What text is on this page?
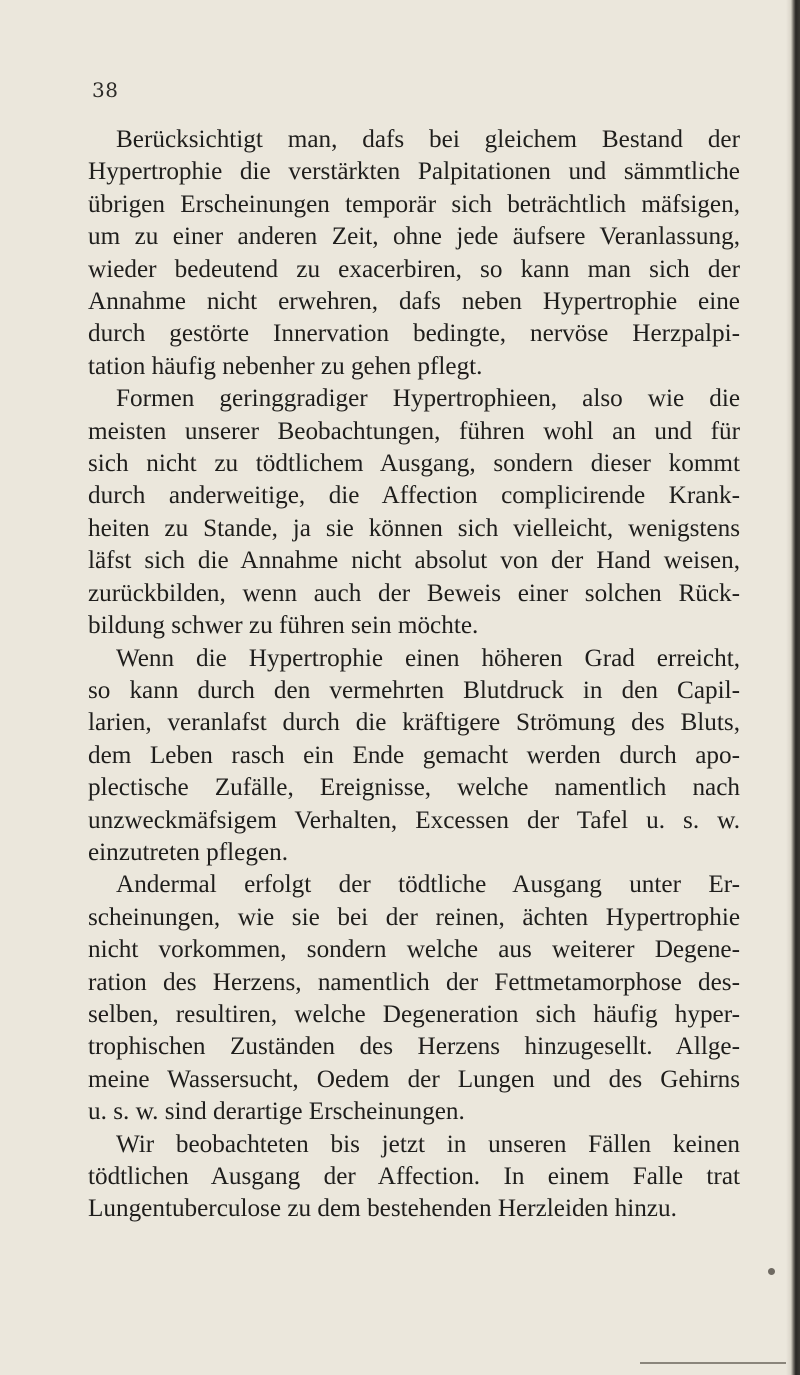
38

Berücksichtigt man, dafs bei gleichem Bestand der
Hypertrophie die verstärkten Palpitationen und sämmtliche
übrigen Erscheinungen temporär sich beträchtlich mäfsigen,
um zu einer anderen Zeit, ohne jede äufsere Veranlassung,
wieder bedeutend zu exacerbiren, so kann man sich der
Annahme nicht erwehren, dafs neben Hypertrophie eine
durch gestörte Innervation bedingte, nervöse Herzpalpi-
tation häufig nebenher zu gehen pflegt.

Formen geringgradiger Hypertrophieen, also wie die
meisten unserer Beobachtungen, führen wohl an und für
sich nicht zu tödtlichem Ausgang, sondern dieser kommt
durch anderweitige, die Affection complicirende Krank-
heiten zu Stande, ja sie können sich vielleicht, wenigstens
läfst sich die Annahme nicht absolut von der Hand weisen,
zurückbilden, wenn auch der Beweis einer solchen Rück-
bildung schwer zu führen sein möchte.

Wenn die Hypertrophie einen höheren Grad erreicht,
so kann durch den vermehrten Blutdruck in den Capil-
larien, veranlafst durch die kräftigere Strömung des Bluts,
dem Leben rasch ein Ende gemacht werden durch apo-
plectische Zufälle, Ereignisse, welche namentlich nach
unzweckmäfsigem Verhalten, Excessen der Tafel u. s. w.
einzutreten pflegen.

Andermal erfolgt der tödtliche Ausgang unter Er-
scheinungen, wie sie bei der reinen, ächten Hypertrophie
nicht vorkommen, sondern welche aus weiterer Degene-
ration des Herzens, namentlich der Fettmetamorphose des-
selben, resultiren, welche Degeneration sich häufig hyper-
trophischen Zuständen des Herzens hinzugesellt. Allge-
meine Wassersucht, Oedem der Lungen und des Gehirns
u. s. w. sind derartige Erscheinungen.

Wir beobachteten bis jetzt in unseren Fällen keinen
tödtlichen Ausgang der Affection. In einem Falle trat
Lungentuberculose zu dem bestehenden Herzleiden hinzu.
